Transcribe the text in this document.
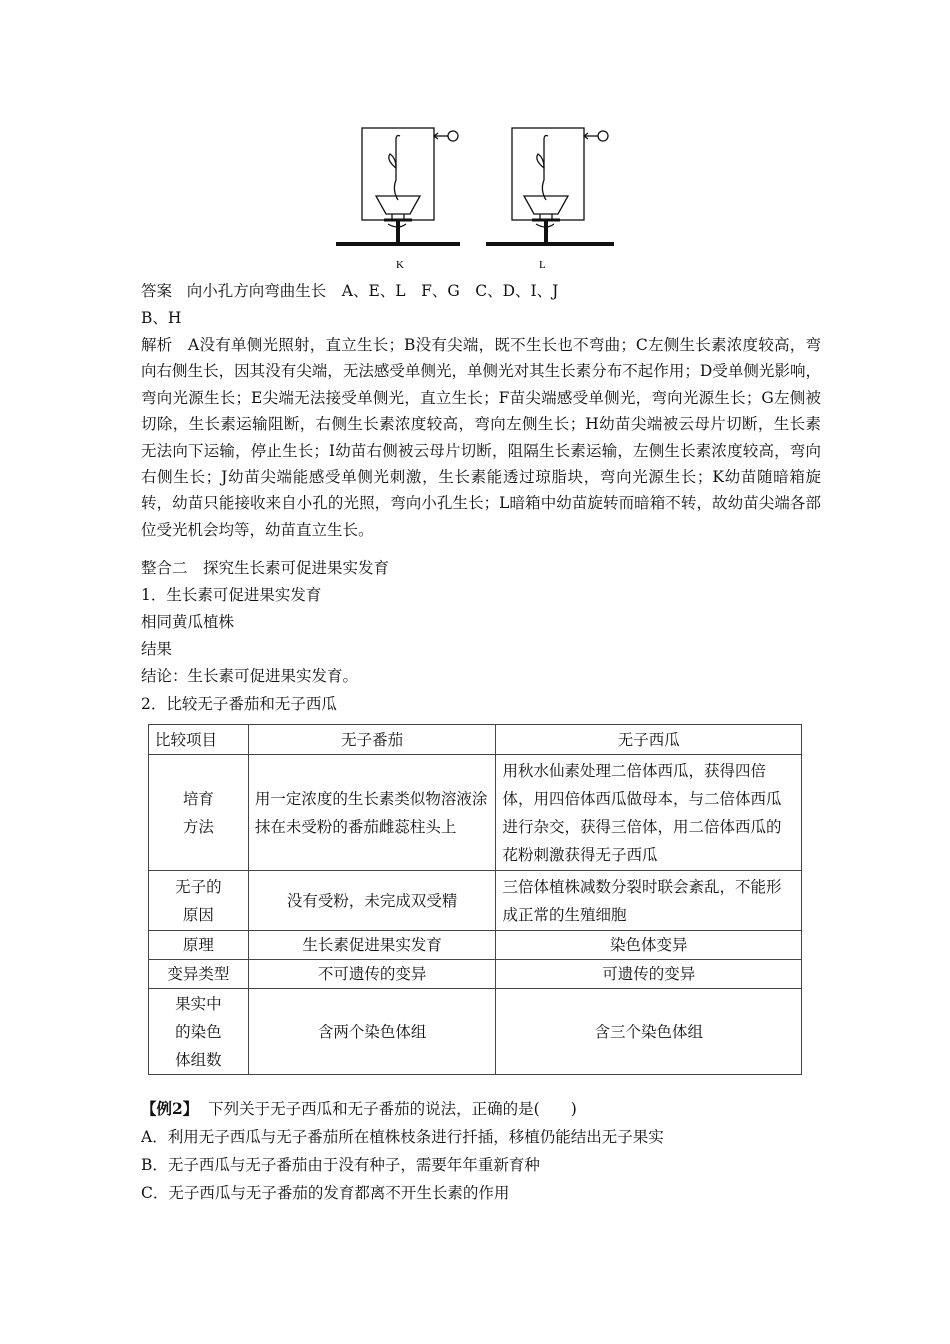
K	L
答案 向小孔方向弯曲生长　A、E、L　F、G　C、D、I、J
B、H
解析 A没有单侧光照射，直立生长；B没有尖端，既不生长也不弯曲；C左侧生长素浓度较高，弯向右侧生长，因其没有尖端，无法感受单侧光，单侧光对其生长素分布不起作用；D受单侧光影响，弯向光源生长；E尖端无法接受单侧光，直立生长；F苗尖端感受单侧光，弯向光源生长；G左侧被切除，生长素运输阻断，右侧生长素浓度较高，弯向左侧生长；H幼苗尖端被云母片切断，生长素无法向下运输，停止生长；I幼苗右侧被云母片切断，阻隔生长素运输，左侧生长素浓度较高，弯向右侧生长；J幼苗尖端能感受单侧光刺激，生长素能透过琼脂块，弯向光源生长；K幼苗随暗箱旋转，幼苗只能接收来自小孔的光照，弯向小孔生长；L暗箱中幼苗旋转而暗箱不转，故幼苗尖端各部位受光机会均等，幼苗直立生长。
整合二　探究生长素可促进果实发育
1．生长素可促进果实发育
相同黄瓜植株
结果
结论：生长素可促进果实发育。
2．比较无子番茄和无子西瓜
比较项目	无子番茄	无子西瓜
培育
方法	用一定浓度的生长素类似物溶液涂抹在未受粉的番茄雌蕊柱头上	用秋水仙素处理二倍体西瓜，获得四倍体，用四倍体西瓜做母本，与二倍体西瓜进行杂交，获得三倍体，用二倍体西瓜的花粉刺激获得无子西瓜
无子的
原因	没有受粉，未完成双受精	三倍体植株减数分裂时联会紊乱，不能形成正常的生殖细胞
原理	生长素促进果实发育	染色体变异
变异类型	不可遗传的变异	可遗传的变异
果实中
的染色
体组数	含两个染色体组	含三个染色体组
【例2】 下列关于无子西瓜和无子番茄的说法，正确的是(　　)
A．利用无子西瓜与无子番茄所在植株枝条进行扦插，移植仍能结出无子果实
B．无子西瓜与无子番茄由于没有种子，需要年年重新育种
C．无子西瓜与无子番茄的发育都离不开生长素的作用
